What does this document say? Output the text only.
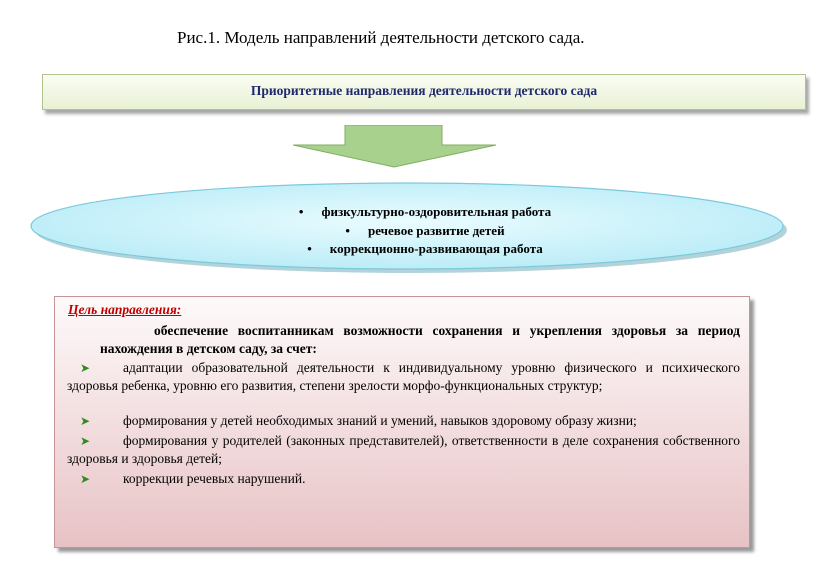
Рис.1. Модель направлений деятельности детского сада.
Приоритетные направления деятельности детского сада
• физкультурно-оздоровительная работа
• речевое развитие детей
• коррекционно-развивающая работа
Цель направления:
обеспечение воспитанникам возможности сохранения и укрепления здоровья за период нахождения в детском саду, за счет:
➤ адаптации образовательной деятельности к индивидуальному уровню физического и психического здоровья ребенка, уровню его развития, степени зрелости морфо-функциональных структур;
➤ формирования у детей необходимых знаний и умений, навыков здоровому образу жизни;
➤ формирования у родителей (законных представителей), ответственности в деле сохранения собственного здоровья и здоровья детей;
➤ коррекции речевых нарушений.
